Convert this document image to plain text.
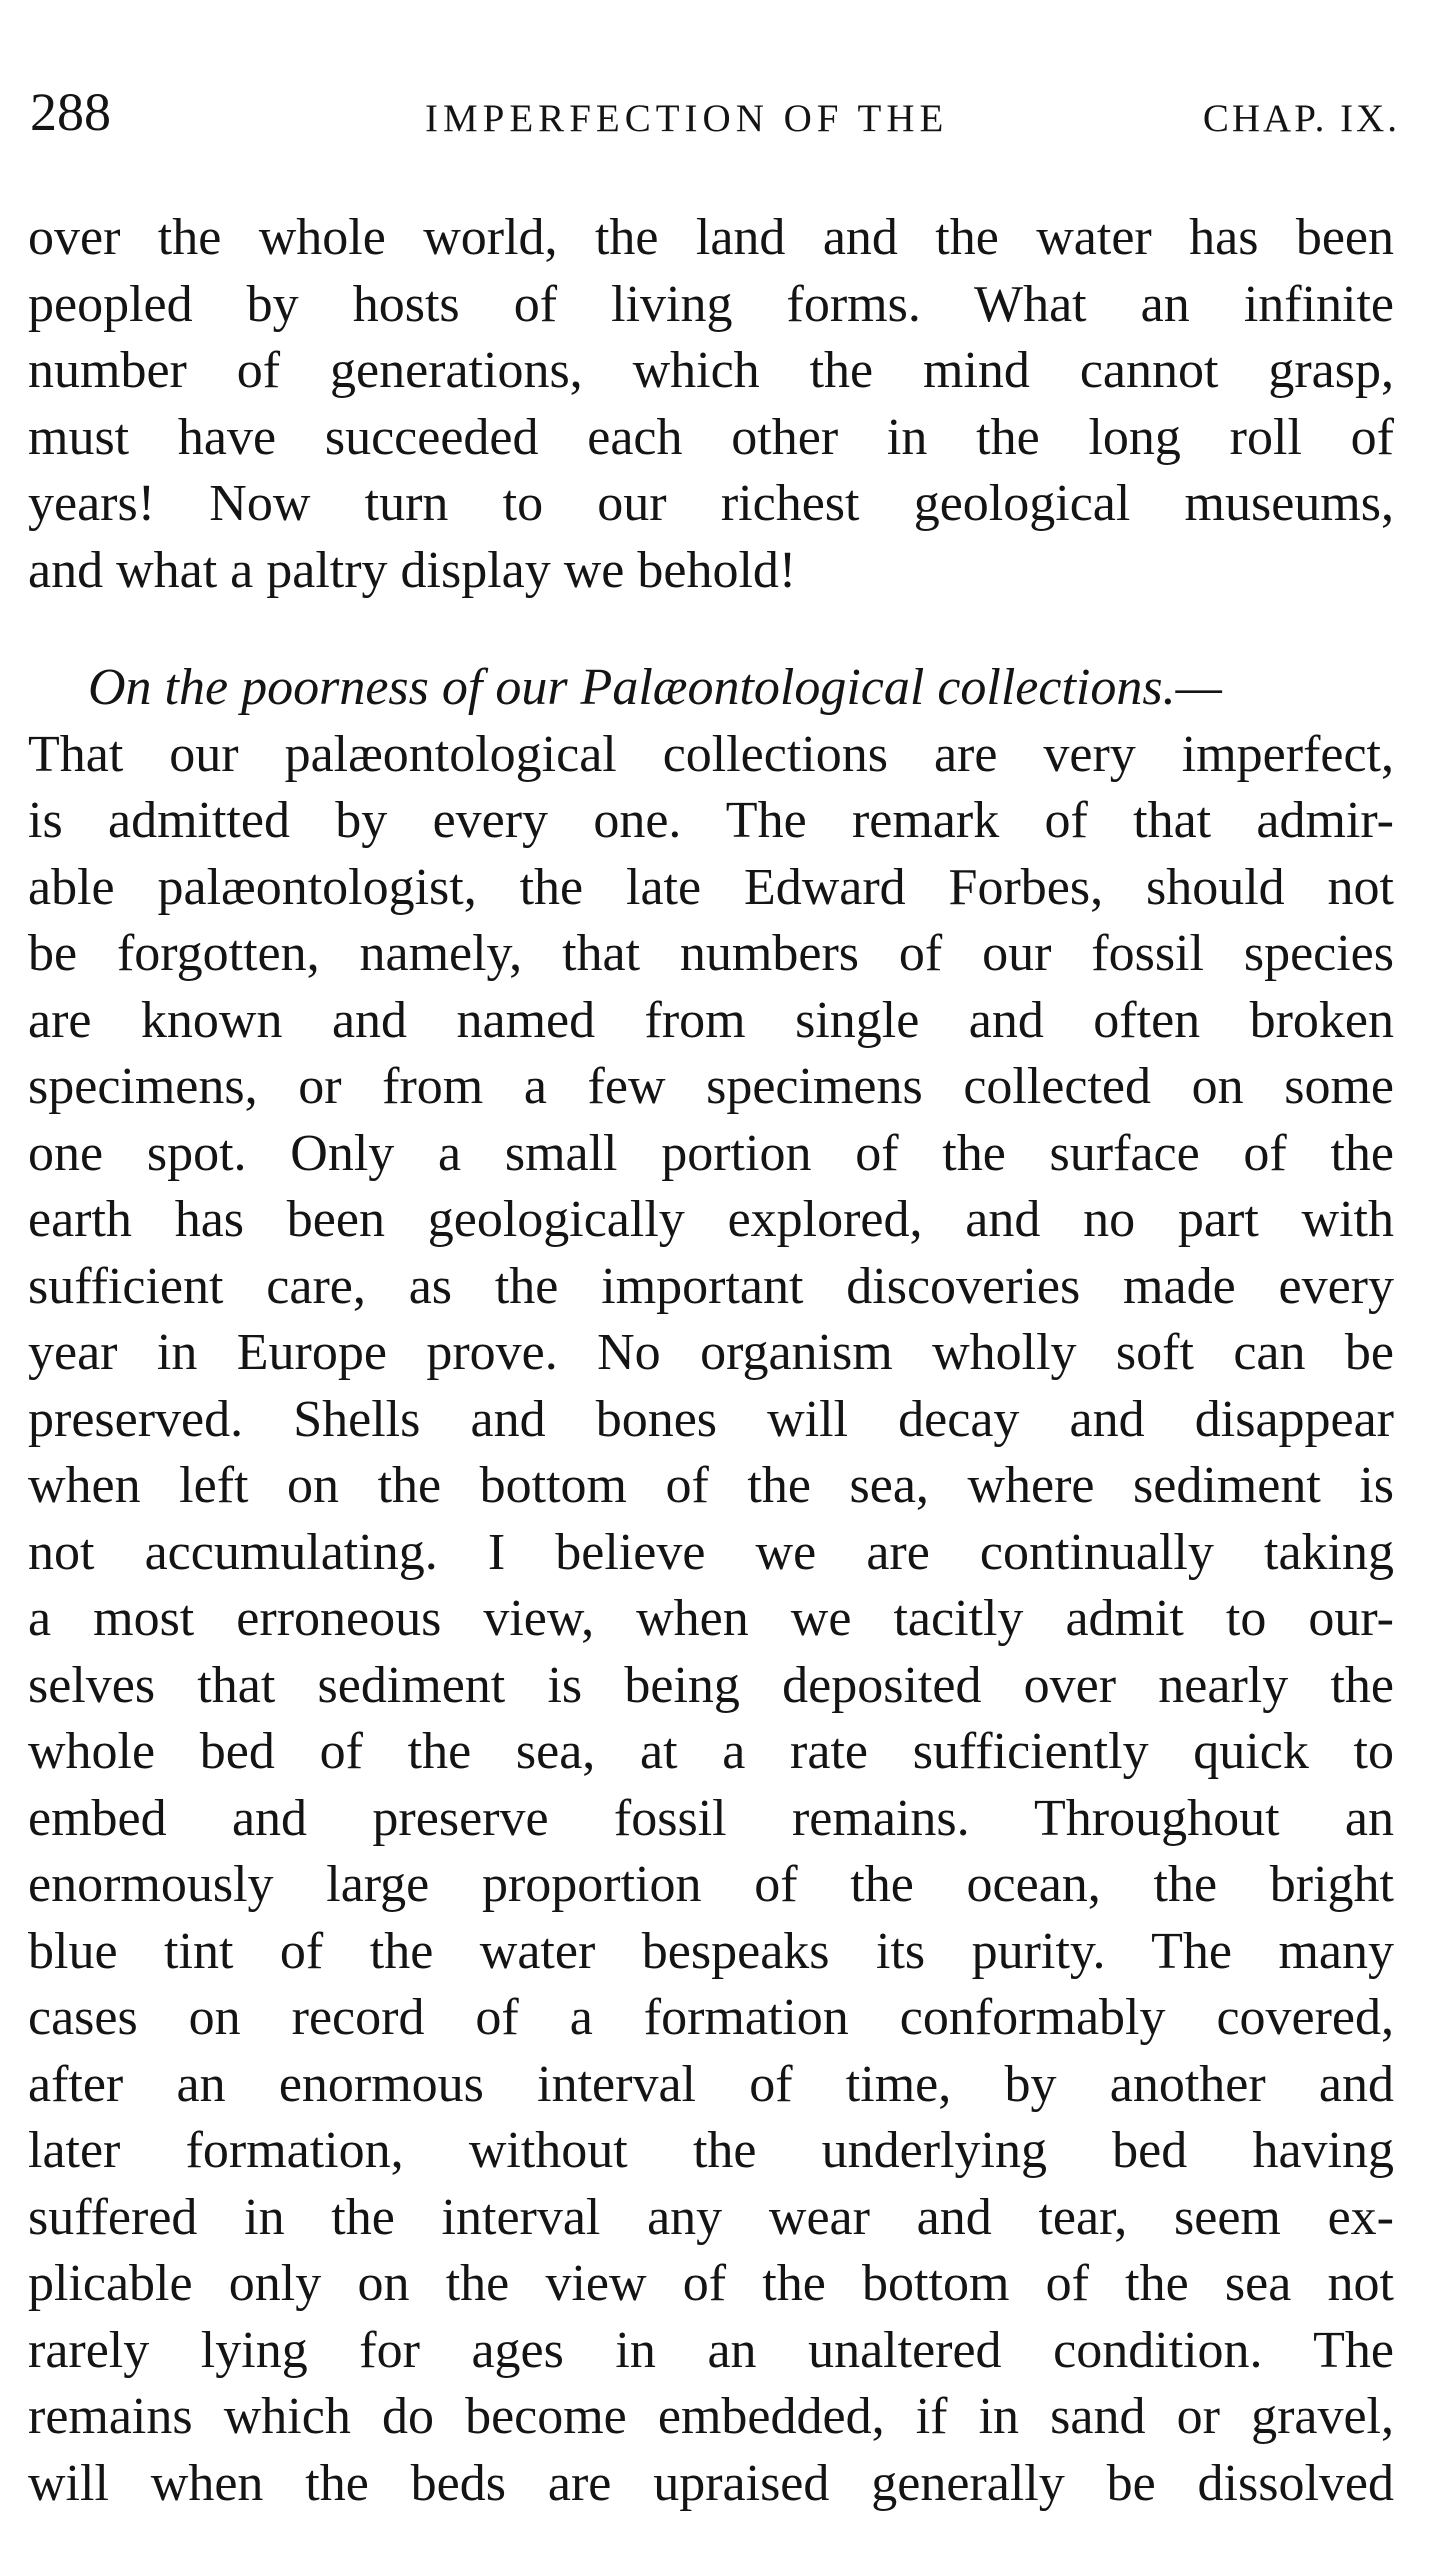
288	IMPERFECTION OF THE	CHAP. IX.
over the whole world, the land and the water has been
peopled by hosts of living forms. What an infinite
number of generations, which the mind cannot grasp,
must have succeeded each other in the long roll of
years! Now turn to our richest geological museums,
and what a paltry display we behold!
On the poorness of our Palæontological collections.—
That our palæontological collections are very imperfect,
is admitted by every one. The remark of that admir-
able palæontologist, the late Edward Forbes, should not
be forgotten, namely, that numbers of our fossil species
are known and named from single and often broken
specimens, or from a few specimens collected on some
one spot. Only a small portion of the surface of the
earth has been geologically explored, and no part with
sufficient care, as the important discoveries made every
year in Europe prove. No organism wholly soft can be
preserved. Shells and bones will decay and disappear
when left on the bottom of the sea, where sediment is
not accumulating. I believe we are continually taking
a most erroneous view, when we tacitly admit to our-
selves that sediment is being deposited over nearly the
whole bed of the sea, at a rate sufficiently quick to
embed and preserve fossil remains. Throughout an
enormously large proportion of the ocean, the bright
blue tint of the water bespeaks its purity. The many
cases on record of a formation conformably covered,
after an enormous interval of time, by another and
later formation, without the underlying bed having
suffered in the interval any wear and tear, seem ex-
plicable only on the view of the bottom of the sea not
rarely lying for ages in an unaltered condition. The
remains which do become embedded, if in sand or gravel,
will when the beds are upraised generally be dissolved
